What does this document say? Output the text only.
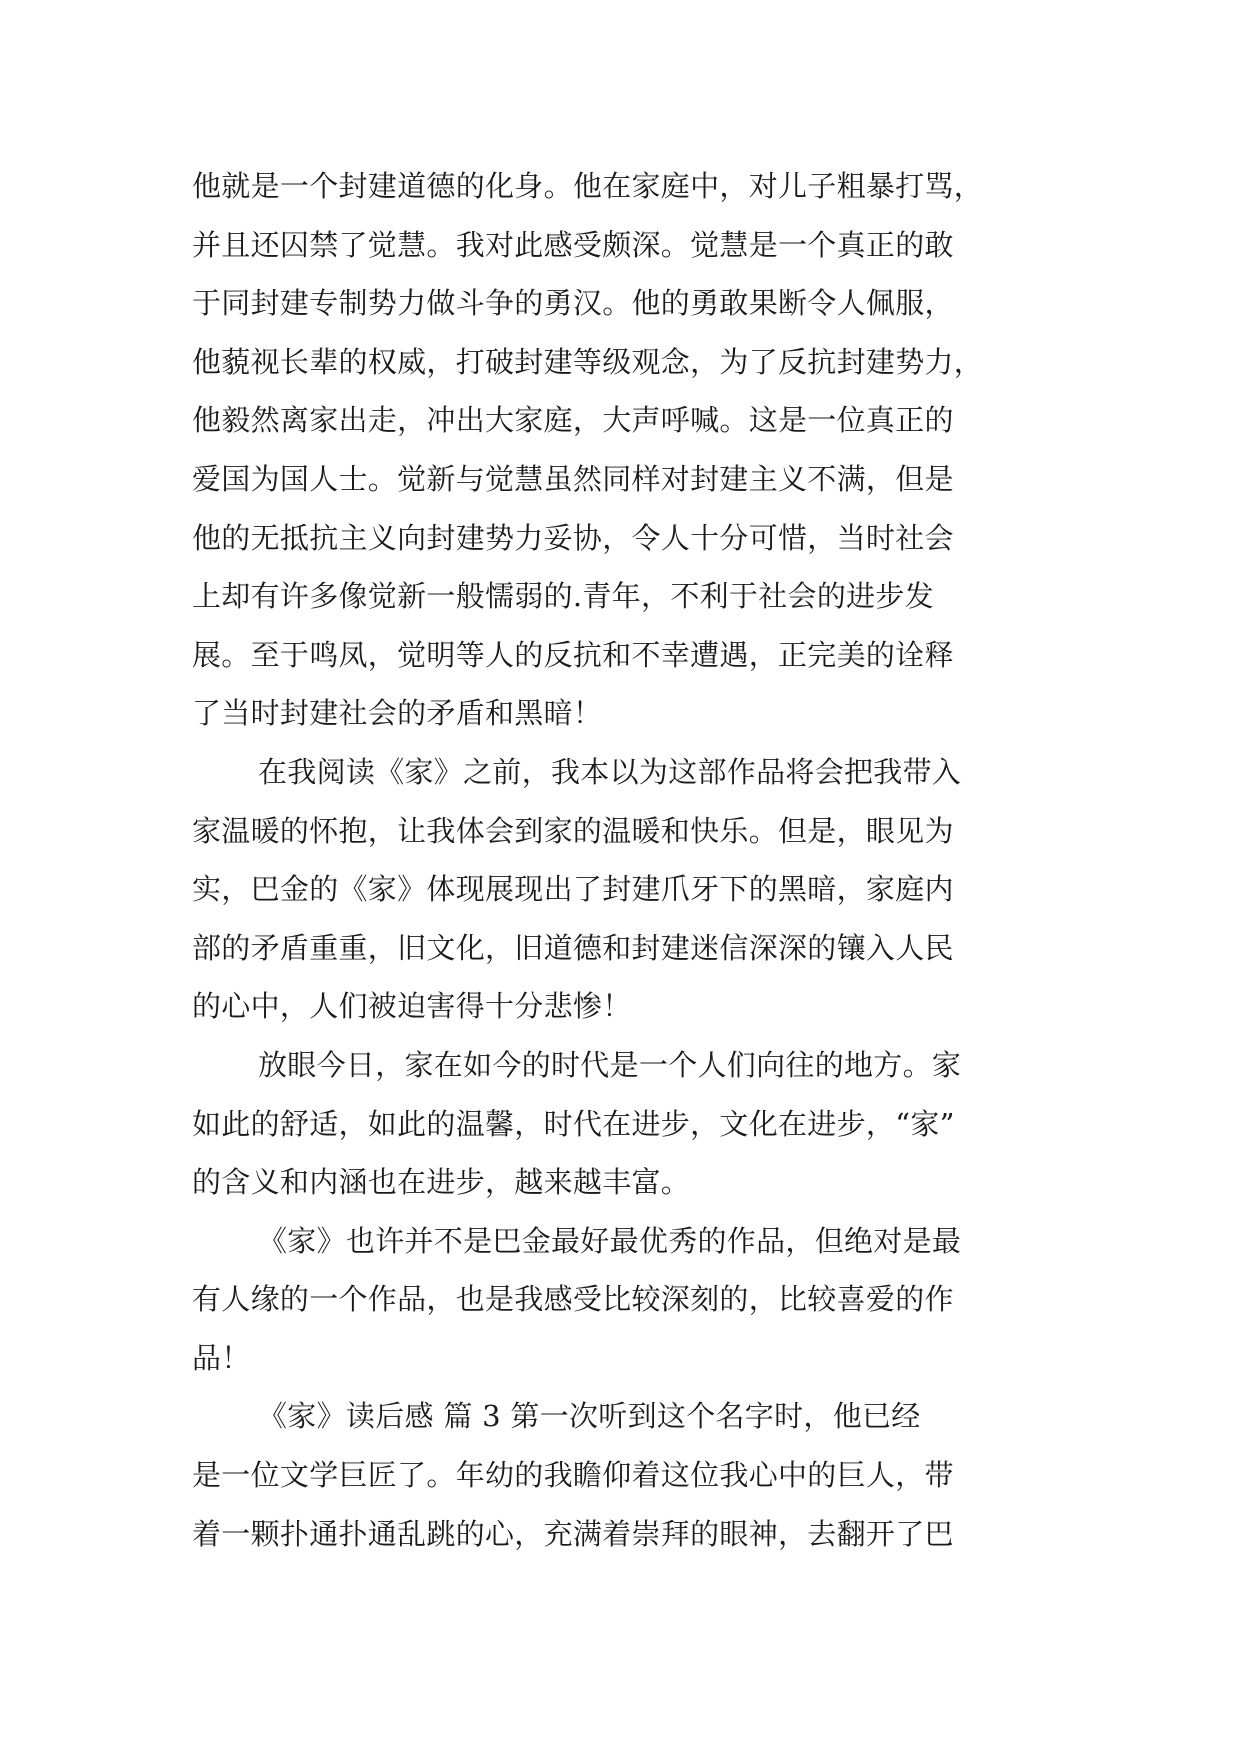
他就是一个封建道德的化身。他在家庭中，对儿子粗暴打骂，
并且还囚禁了觉慧。我对此感受颇深。觉慧是一个真正的敢
于同封建专制势力做斗争的勇汉。他的勇敢果断令人佩服，
他藐视长辈的权威，打破封建等级观念，为了反抗封建势力，
他毅然离家出走，冲出大家庭，大声呼喊。这是一位真正的
爱国为国人士。觉新与觉慧虽然同样对封建主义不满，但是
他的无抵抗主义向封建势力妥协，令人十分可惜，当时社会
上却有许多像觉新一般懦弱的.青年，不利于社会的进步发
展。至于鸣凤，觉明等人的反抗和不幸遭遇，正完美的诠释
了当时封建社会的矛盾和黑暗！
在我阅读《家》之前，我本以为这部作品将会把我带入
家温暖的怀抱，让我体会到家的温暖和快乐。但是，眼见为
实，巴金的《家》体现展现出了封建爪牙下的黑暗，家庭内
部的矛盾重重，旧文化，旧道德和封建迷信深深的镶入人民
的心中，人们被迫害得十分悲惨！
放眼今日，家在如今的时代是一个人们向往的地方。家
如此的舒适，如此的温馨，时代在进步，文化在进步，“家”
的含义和内涵也在进步，越来越丰富。
《家》也许并不是巴金最好最优秀的作品，但绝对是最
有人缘的一个作品，也是我感受比较深刻的，比较喜爱的作
品！
《家》读后感 篇 3 第一次听到这个名字时，他已经
是一位文学巨匠了。年幼的我瞻仰着这位我心中的巨人，带
着一颗扑通扑通乱跳的心，充满着崇拜的眼神，去翻开了巴
